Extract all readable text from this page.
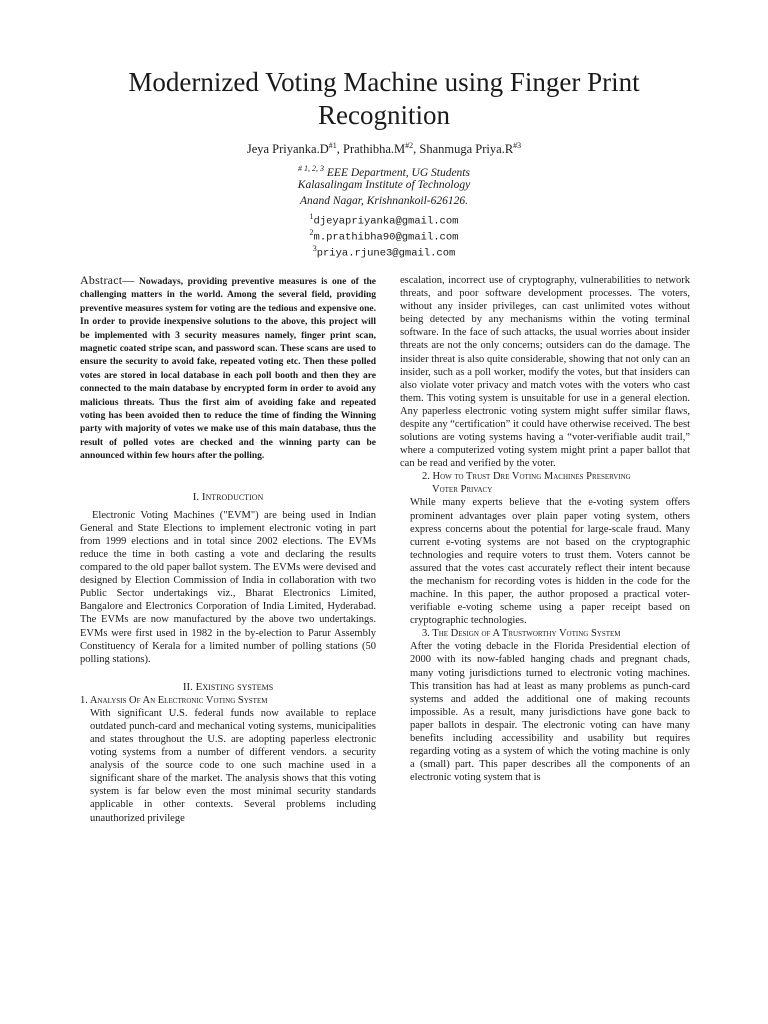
Modernized Voting Machine using Finger Print Recognition
Jeya $Priyanka.D^{\#1}$, $Prathibha.M^{\#2}$, Shanmuga $Priya.R^{\#3}$
$^{\# 1, 2, 3}$ EEE Department, UG Students
Kalasalingam Institute of Technology
Anand Nagar, Krishnankoil-626126.
$^1$djeyapriyanka@gmail.com
$^2$m.prathibha90@gmail.com
$^3$priya.rjune3@gmail.com

Abstract— Nowadays, providing preventive measures is one of the challenging matters in the world. Among the several field, providing preventive measures system for voting are the tedious and expensive one. In order to provide inexpensive solutions to the above, this project will be implemented with 3 security measures namely, finger print scan, magnetic coated stripe scan, and password scan. These scans are used to ensure the security to avoid fake, repeated voting etc. Then these polled votes are stored in local database in each poll booth and then they are connected to the main database by encrypted form in order to avoid any malicious threats. Thus the first aim of avoiding fake and repeated voting has been avoided then to reduce the time of finding the Winning party with majority of votes we make use of this main database, thus the result of polled votes are checked and the winning party can be announced within few hours after the polling.

I. Introduction

Electronic Voting Machines ("EVM") are being used in Indian General and State Elections to implement electronic voting in part from 1999 elections and in total since 2002 elections. The EVMs reduce the time in both casting a vote and declaring the results compared to the old paper ballot system. The EVMs were devised and designed by Election Commission of India in collaboration with two Public Sector undertakings viz., Bharat Electronics Limited, Bangalore and Electronics Corporation of India Limited, Hyderabad. The EVMs are now manufactured by the above two undertakings. EVMs were first used in 1982 in the by-election to Parur Assembly Constituency of Kerala for a limited number of polling stations (50 polling stations).

II. Existing systems

1. Analysis Of An Electronic Voting System

With significant U.S. federal funds now available to replace outdated punch-card and mechanical voting systems, municipalities and states throughout the U.S. are adopting paperless electronic voting systems from a number of different vendors. a security analysis of the source code to one such machine used in a significant share of the market. The analysis shows that this voting system is far below even the most minimal security standards applicable in other contexts. Several problems including unauthorized privilege

escalation, incorrect use of cryptography, vulnerabilities to network threats, and poor software development processes. The voters, without any insider privileges, can cast unlimited votes without being detected by any mechanisms within the voting terminal software. In the face of such attacks, the usual worries about insider threats are not the only concerns; outsiders can do the damage. The insider threat is also quite considerable, showing that not only can an insider, such as a poll worker, modify the votes, but that insiders can also violate voter privacy and match votes with the voters who cast them. This voting system is unsuitable for use in a general election. Any paperless electronic voting system might suffer similar flaws, despite any “certification” it could have otherwise received. The best solutions are voting systems having a “voter-verifiable audit trail,” where a computerized voting system might print a paper ballot that can be read and verified by the voter.

2. How to Trust Dre Voting Machines Preserving

Voter Privacy

While many experts believe that the e-voting system offers prominent advantages over plain paper voting system, others express concerns about the potential for large-scale fraud. Many current e-voting systems are not based on the cryptographic technologies and require voters to trust them. Voters cannot be assured that the votes cast accurately reflect their intent because the mechanism for recording votes is hidden in the code for the machine. In this paper, the author proposed a practical voter-verifiable e-voting scheme using a paper receipt based on cryptographic technologies.

3. The Design of A Trustworthy Voting System

After the voting debacle in the Florida Presidential election of 2000 with its now-fabled hanging chads and pregnant chads, many voting jurisdictions turned to electronic voting machines. This transition has had at least as many problems as punch-card systems and added the additional one of making recounts impossible. As a result, many jurisdictions have gone back to paper ballots in despair. The electronic voting can have many benefits including accessibility and usability but requires regarding voting as a system of which the voting machine is only a (small) part. This paper describes all the components of an electronic voting system that is
